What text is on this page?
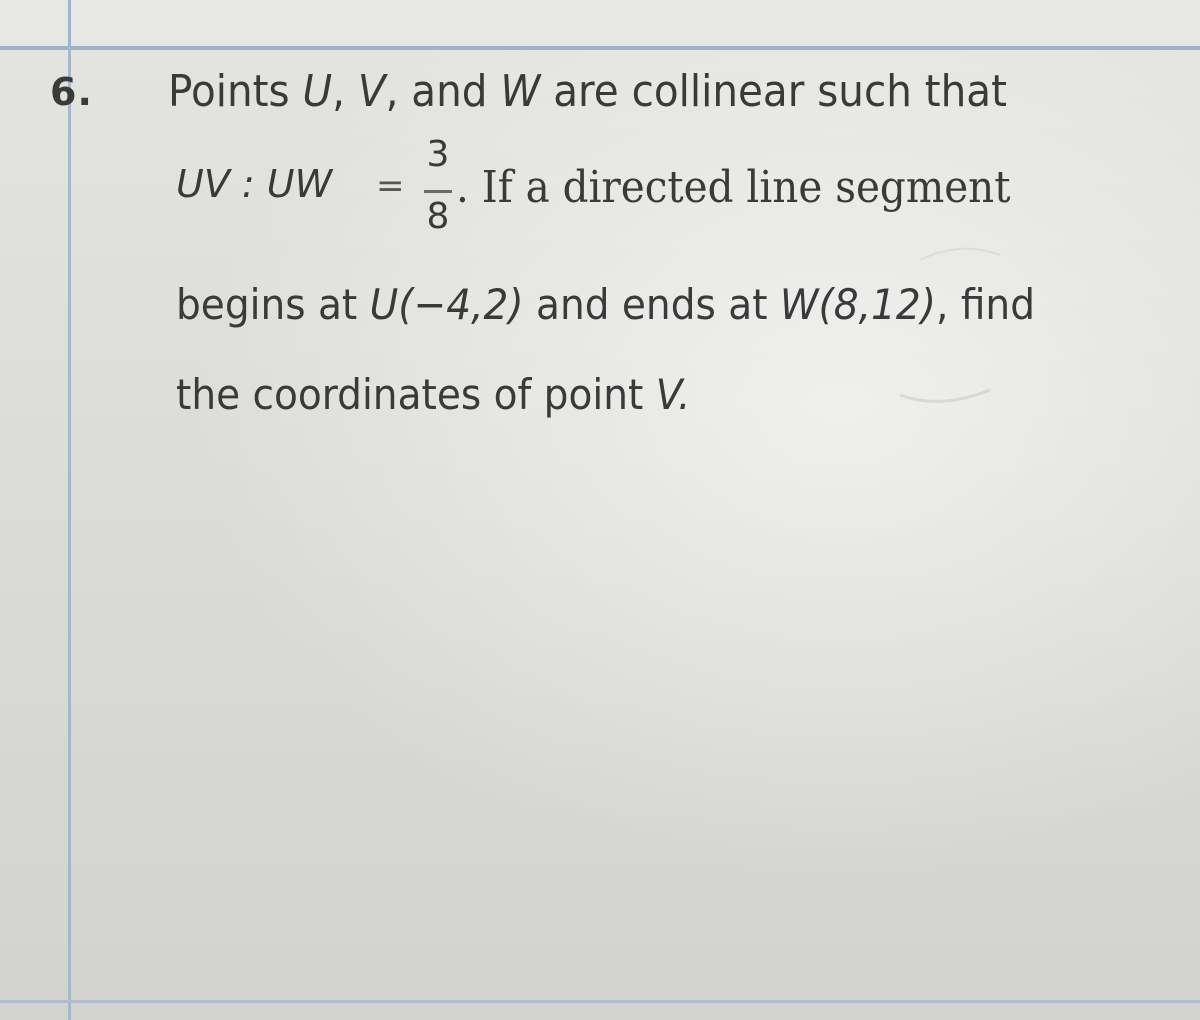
6. Points U, V, and W are collinear such that
UV : UW =
3
8
. If a directed line segment
begins at U(−4,2) and ends at W(8,12), find
the coordinates of point V.
